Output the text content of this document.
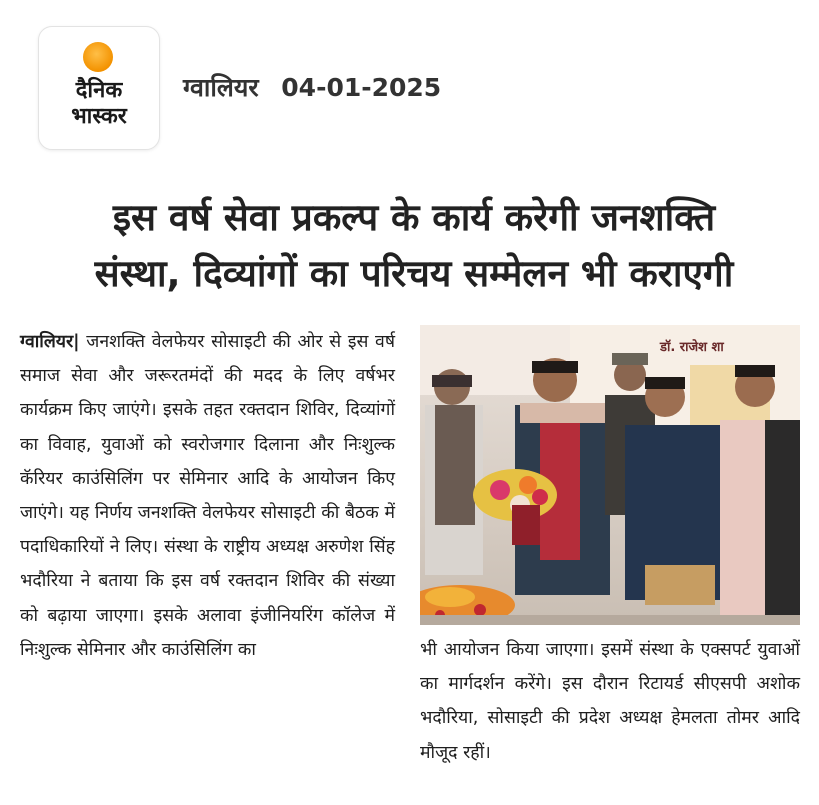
दैनिक
भास्कर
ग्वालियर 04-01-2025
इस वर्ष सेवा प्रकल्प के कार्य करेगी जनशक्ति
संस्था, दिव्यांगों का परिचय सम्मेलन भी कराएगी
ग्वालियर| जनशक्ति वेलफेयर सोसाइटी की ओर से इस वर्ष समाज सेवा और जरूरतमंदों की मदद के लिए वर्षभर कार्यक्रम किए जाएंगे। इसके तहत रक्तदान शिविर, दिव्यांगों का विवाह, युवाओं को स्वरोजगार दिलाना और निःशुल्क कॅरियर काउंसिलिंग पर सेमिनार आदि के आयोजन किए जाएंगे। यह निर्णय जनशक्ति वेलफेयर सोसाइटी की बैठक में पदाधिकारियों ने लिए। संस्था के राष्ट्रीय अध्यक्ष अरुणेश सिंह भदौरिया ने बताया कि इस वर्ष रक्तदान शिविर की संख्या को बढ़ाया जाएगा। इसके अलावा इंजीनियरिंग कॉलेज में निःशुल्क सेमिनार और काउंसिलिंग का
डॉ. राजेश शा
भी आयोजन किया जाएगा। इसमें संस्था के एक्सपर्ट युवाओं का मार्गदर्शन करेंगे। इस दौरान रिटायर्ड सीएसपी अशोक भदौरिया, सोसाइटी की प्रदेश अध्यक्ष हेमलता तोमर आदि मौजूद रहीं।
